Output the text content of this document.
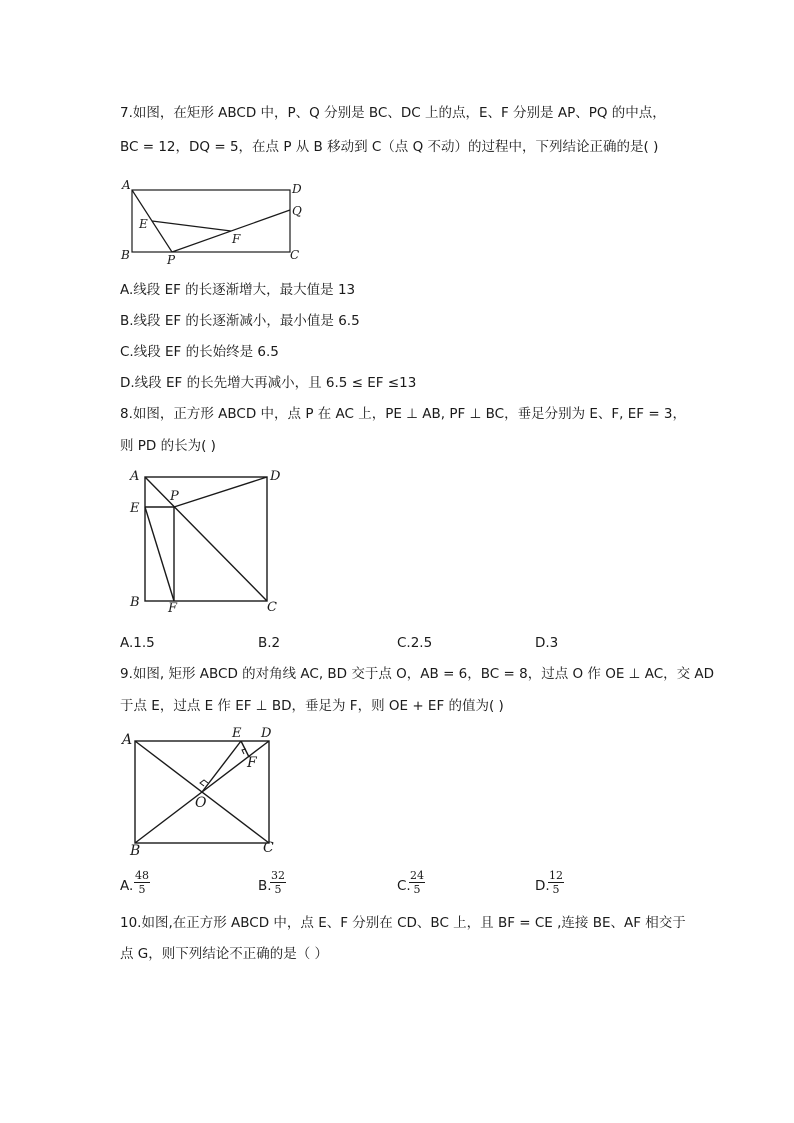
7.如图，在矩形 ABCD 中，P、Q 分别是 BC、DC 上的点，E、F 分别是 AP、PQ 的中点，
BC = 12，DQ = 5，在点 P 从 B 移动到 C（点 Q 不动）的过程中，下列结论正确的是( )
A	D
Q
E
F
B	P	C
A.线段 EF 的长逐渐增大，最大值是 13
B.线段 EF 的长逐渐减小，最小值是 6.5
C.线段 EF 的长始终是 6.5
D.线段 EF 的长先增大再减小，且 6.5 ≤ EF ≤13
8.如图，正方形 ABCD 中，点 P 在 AC 上，PE ⊥ AB, PF ⊥ BC，垂足分别为 E、F, EF = 3，
则 PD 的长为( )
A	D
P
E
B F	C
A.1.5	B.2	C.2.5	D.3
9.如图, 矩形 ABCD 的对角线 AC, BD 交于点 O，AB = 6，BC = 8，过点 O 作 OE ⊥ AC，交 AD
于点 E，过点 E 作 EF ⊥ BD，垂足为 F，则 OE + EF 的值为( )
A	E D
F
O
B	C
A. $\frac{48}{5}$	B.
$\frac{32}{5}$	C.
$\frac{24}{5}$	D.
$\frac{12}{5}$
10.如图,在正方形 ABCD 中，点 E、F 分别在 CD、BC 上，且 BF = CE ,连接 BE、AF 相交于
点 G，则下列结论不正确的是（ ）
